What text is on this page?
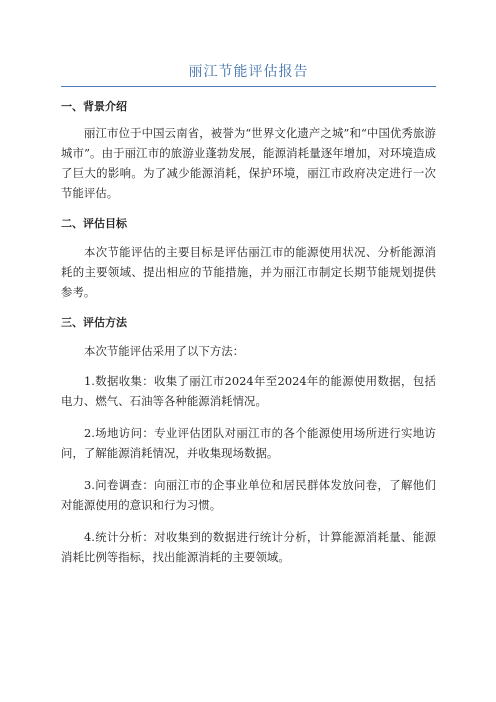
丽江节能评估报告
一、背景介绍

丽江市位于中国云南省，被誉为“世界文化遗产之城”和“中国优秀旅游城市”。由于丽江市的旅游业蓬勃发展，能源消耗量逐年增加，对环境造成了巨大的影响。为了减少能源消耗，保护环境，丽江市政府决定进行一次节能评估。

二、评估目标

本次节能评估的主要目标是评估丽江市的能源使用状况、分析能源消耗的主要领域、提出相应的节能措施，并为丽江市制定长期节能规划提供参考。

三、评估方法

本次节能评估采用了以下方法：

1.数据收集：收集了丽江市2024年至2024年的能源使用数据，包括电力、燃气、石油等各种能源消耗情况。

2.场地访问：专业评估团队对丽江市的各个能源使用场所进行实地访问，了解能源消耗情况，并收集现场数据。

3.问卷调查：向丽江市的企事业单位和居民群体发放问卷，了解他们对能源使用的意识和行为习惯。

4.统计分析：对收集到的数据进行统计分析，计算能源消耗量、能源消耗比例等指标，找出能源消耗的主要领域。
